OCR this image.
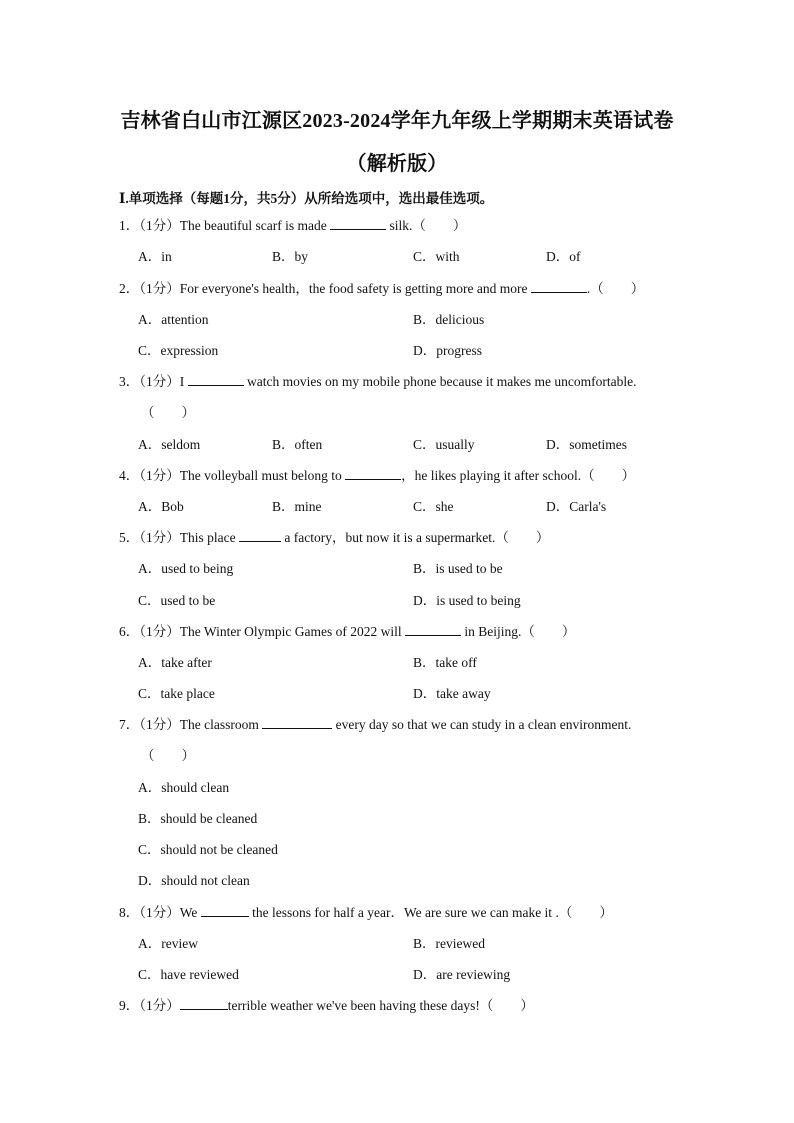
吉林省白山市江源区2023-2024学年九年级上学期期末英语试卷
（解析版）
Ⅰ.单项选择（每题1分，共5分）从所给选项中，选出最佳选项。
1．（1分）The beautiful scarf is made	silk.（　　）
A．in	B．by	C．with	D．of
2．（1分）For everyone's health，the food safety is getting more and more	.（　　）
A．attention	B．delicious
C．expression	D．progress
3．（1分）I	watch movies on my mobile phone because it makes me uncomfortable.
（　　）
A．seldom	B．often	C．usually	D．sometimes
4．（1分）The volleyball must belong to	，he likes playing it after school.（　　）
A．Bob	B．mine	C．she	D．Carla's
5．（1分）This place	a factory，but now it is a supermarket.（　　）
A．used to being	B．is used to be
C．used to be	D．is used to being
6．（1分）The Winter Olympic Games of 2022 will	in Beijing.（　　）
A．take after	B．take off
C．take place	D．take away
7．（1分）The classroom	every day so that we can study in a clean environment.
（　　）
A．should clean
B．should be cleaned
C．should not be cleaned
D．should not clean
8．（1分）We	the lessons for half a year．We are sure we can make it .（　　）
A．review	B．reviewed
C．have reviewed	D．are reviewing
9．（1分）	terrible weather we've been having these days!（　　）
